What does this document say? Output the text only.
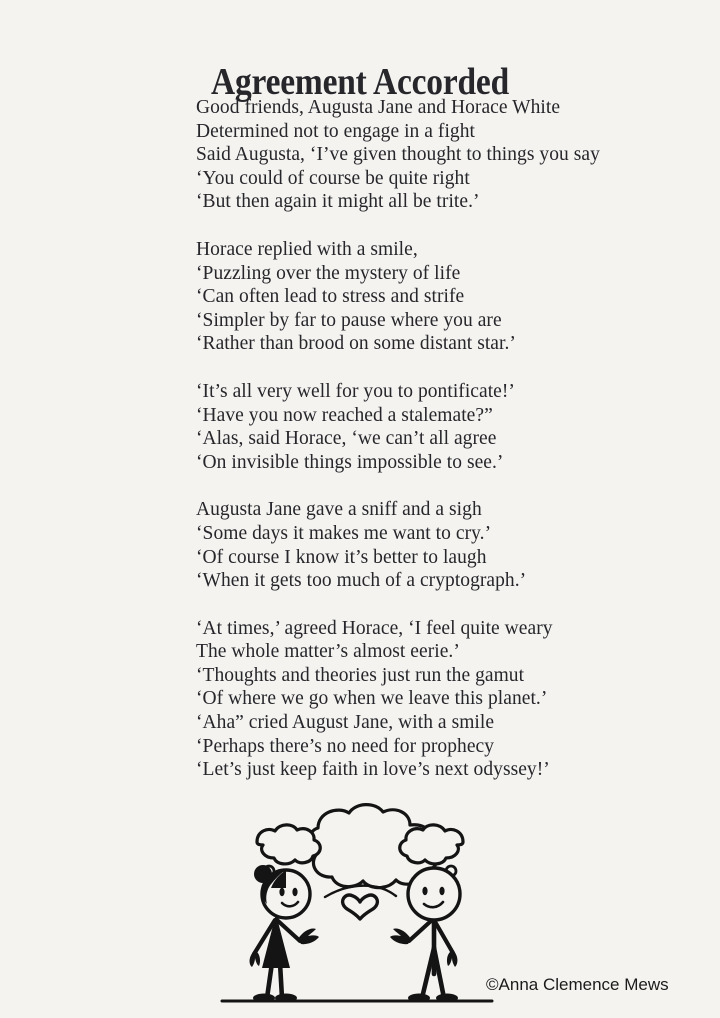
Agreement Accorded
Good friends, Augusta Jane and Horace White
Determined not to engage in a fight
Said Augusta, ‘I’ve given thought to things you say
‘You could of course be quite right
‘But then again it might all be trite.’
Horace replied with a smile,
‘Puzzling over the mystery of life
‘Can often lead to stress and strife
‘Simpler by far to pause where you are
‘Rather than brood on some distant star.’
‘It’s all very well for you to pontificate!’
‘Have you now reached a stalemate?”
‘Alas, said Horace, ‘we can’t all agree
‘On invisible things impossible to see.’
Augusta Jane gave a sniff and a sigh
‘Some days it makes me want to cry.’
‘Of course I know it’s better to laugh
‘When it gets too much of a cryptograph.’
‘At times,’ agreed Horace, ‘I feel quite weary
The whole matter’s almost eerie.’
‘Thoughts and theories just run the gamut
‘Of where we go when we leave this planet.’
‘Aha” cried August Jane, with a smile
‘Perhaps there’s no need for prophecy
‘Let’s just keep faith in love’s next odyssey!’
©Anna Clemence Mews
